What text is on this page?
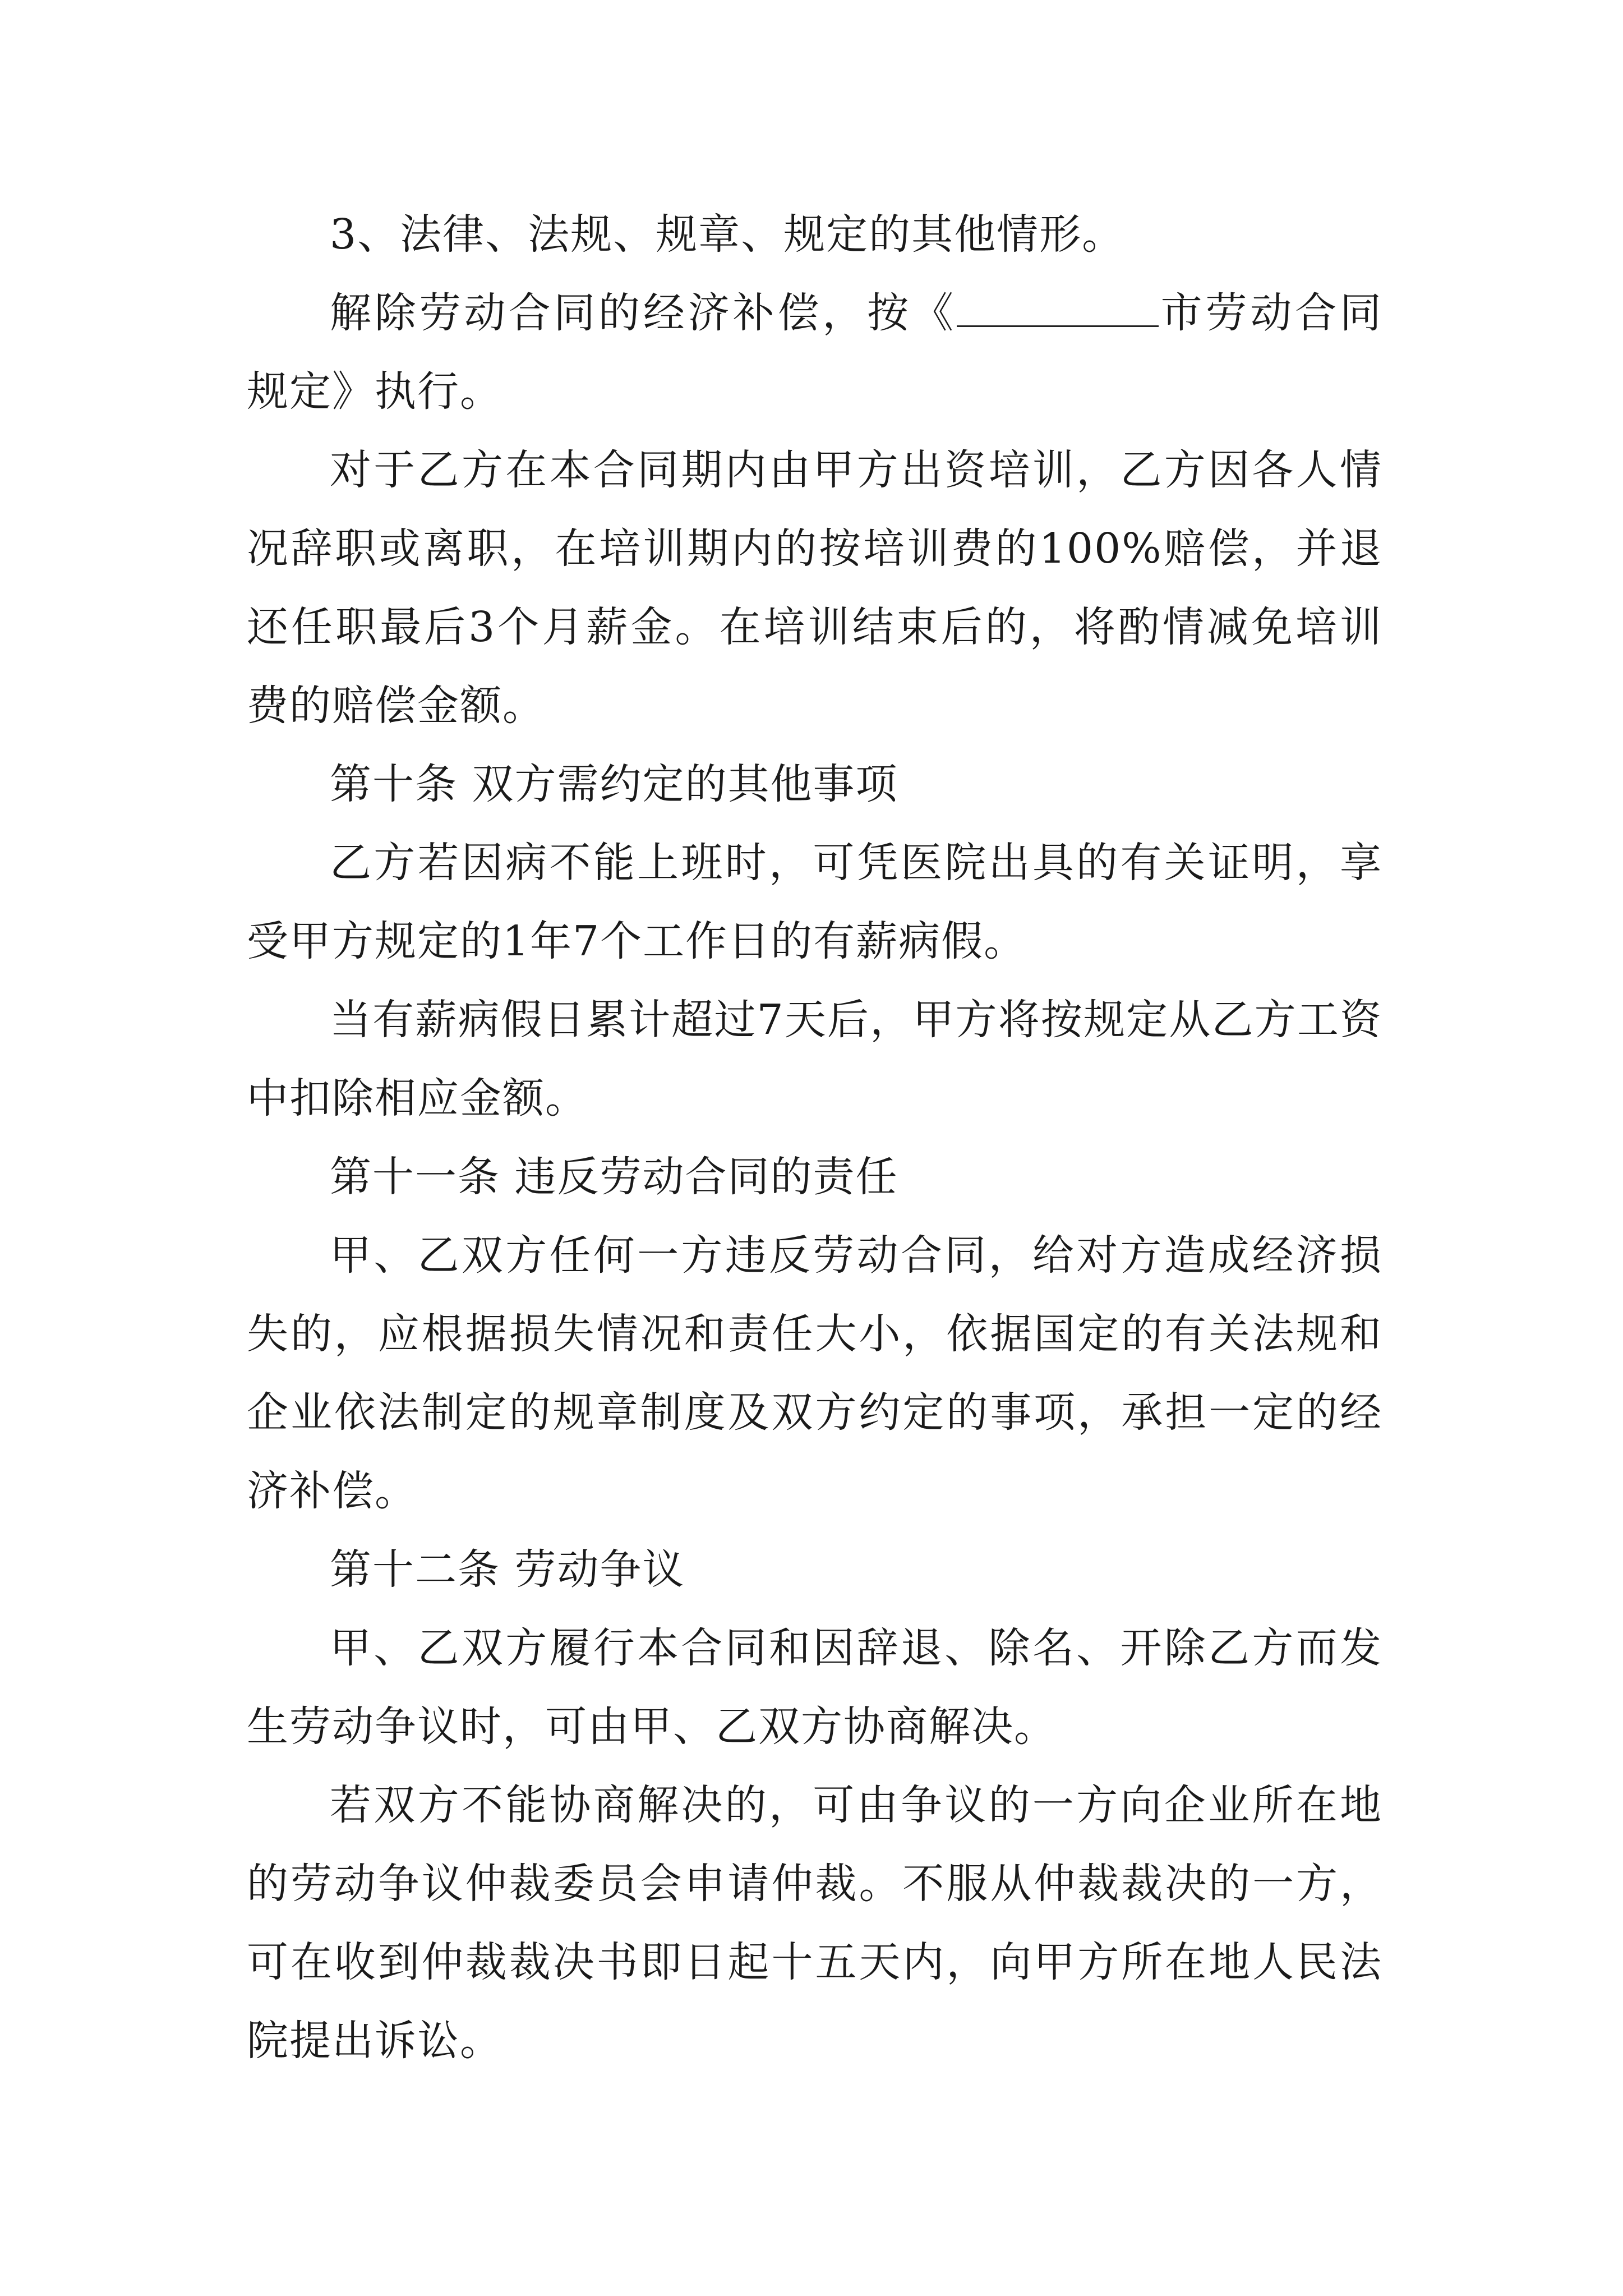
3、法律、法规、规章、规定的其他情形。

解除劳动合同的经济补偿，按《	市劳动合同规定》执行。

对于乙方在本合同期内由甲方出资培训，乙方因各人情况辞职或离职，在培训期内的按培训费的100%赔偿，并退还任职最后3个月薪金。在培训结束后的，将酌情减免培训费的赔偿金额。

第十条 双方需约定的其他事项

乙方若因病不能上班时，可凭医院出具的有关证明，享受甲方规定的1年7个工作日的有薪病假。

当有薪病假日累计超过7天后，甲方将按规定从乙方工资中扣除相应金额。

第十一条 违反劳动合同的责任

甲、乙双方任何一方违反劳动合同，给对方造成经济损失的，应根据损失情况和责任大小，依据国定的有关法规和企业依法制定的规章制度及双方约定的事项，承担一定的经济补偿。

第十二条 劳动争议

甲、乙双方履行本合同和因辞退、除名、开除乙方而发生劳动争议时，可由甲、乙双方协商解决。

若双方不能协商解决的，可由争议的一方向企业所在地的劳动争议仲裁委员会申请仲裁。不服从仲裁裁决的一方，可在收到仲裁裁决书即日起十五天内，向甲方所在地人民法院提出诉讼。
